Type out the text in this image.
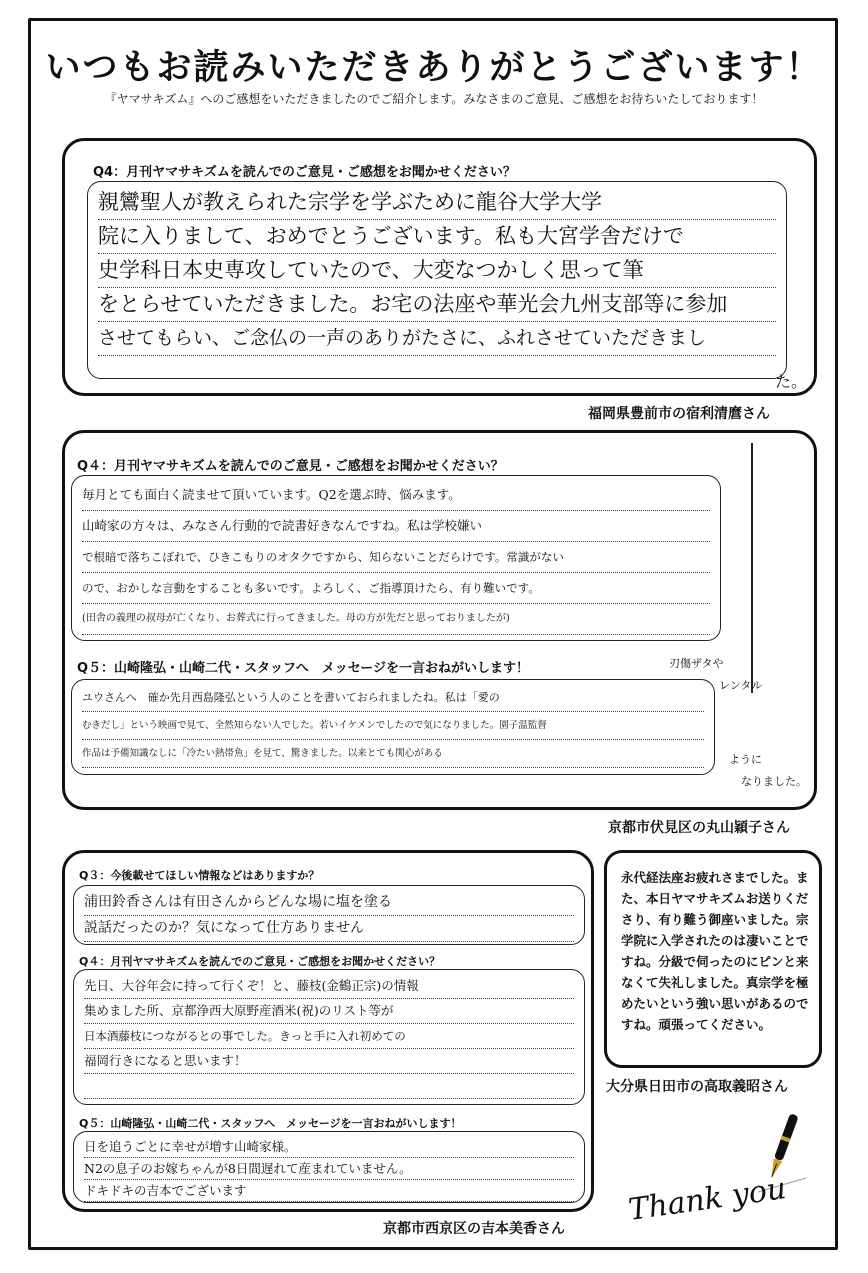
いつもお読みいただきありがとうございます！
『ヤマサキズム』へのご感想をいただきましたのでご紹介します。みなさまのご意見、ご感想をお待ちいたしております！
Q4：月刊ヤマサキズムを読んでのご意見・ご感想をお聞かせください？
親鸞聖人が教えられた宗学を学ぶために龍谷大学大学
院に入りまして、おめでとうございます。私も大宮学舎だけで
史学科日本史専攻していたので、大変なつかしく思って筆
をとらせていただきました。お宅の法座や華光会九州支部等に参加
させてもらい、ご念仏の一声のありがたさに、ふれさせていただきまし
た。
福岡県豊前市の宿利清麿さん
Q４：月刊ヤマサキズムを読んでのご意見・ご感想をお聞かせください？
毎月とても面白く読ませて頂いています。Q2を選ぶ時、悩みます。
山崎家の方々は、みなさん行動的で読書好きなんですね。私は学校嫌い
で根暗で落ちこぼれで、ひきこもりのオタクですから、知らないことだらけです。常識がない
ので、おかしな言動をすることも多いです。よろしく、ご指導頂けたら、有り難いです。
(田舎の義理の叔母が亡くなり、お葬式に行ってきました。母の方が先だと思っておりましたが)
Q５：山崎隆弘・山崎二代・スタッフへ　メッセージを一言おねがいします！	刃傷ザタや
レンタル
ユウさんへ　確か先月西島隆弘という人のことを書いておられましたね。私は「愛の
むきだし」という映画で見て、全然知らない人でした。若いイケメンでしたので気になりました。園子温監督
作品は予備知識なしに「冷たい熱帯魚」を見て、驚きました。以来とても関心がある	ように
なりました。
京都市伏見区の丸山穎子さん
Q３：今後載せてほしい情報などはありますか？
浦田鈴香さんは有田さんからどんな場に塩を塗る
説話だったのか？気になって仕方ありません
Q４：月刊ヤマサキズムを読んでのご意見・ご感想をお聞かせください？
先日、大谷年会に持って行くぞ！と、藤枝(金鶴正宗)の情報
集めました所、京都浄西大原野産酒米(祝)のリスト等が
日本酒藤枝につながるとの事でした。きっと手に入れ初めての
福岡行きになると思います！

Q５：山崎隆弘・山崎二代・スタッフへ　メッセージを一言おねがいします！
日を追うごとに幸せが増す山崎家様。
N2の息子のお嫁ちゃんが8日間遅れて産まれていません。
ドキドキの吉本でございます
京都市西京区の吉本美香さん
永代経法座お疲れさまでした。また、本日ヤマサキズムお送りくださり、有り難う御座いました。宗学院に入学されたのは凄いことですね。分級で伺ったのにピンと来なくて失礼しました。真宗学を極めたいという強い思いがあるのですね。頑張ってください。
大分県日田市の高取義昭さん
Thank you
